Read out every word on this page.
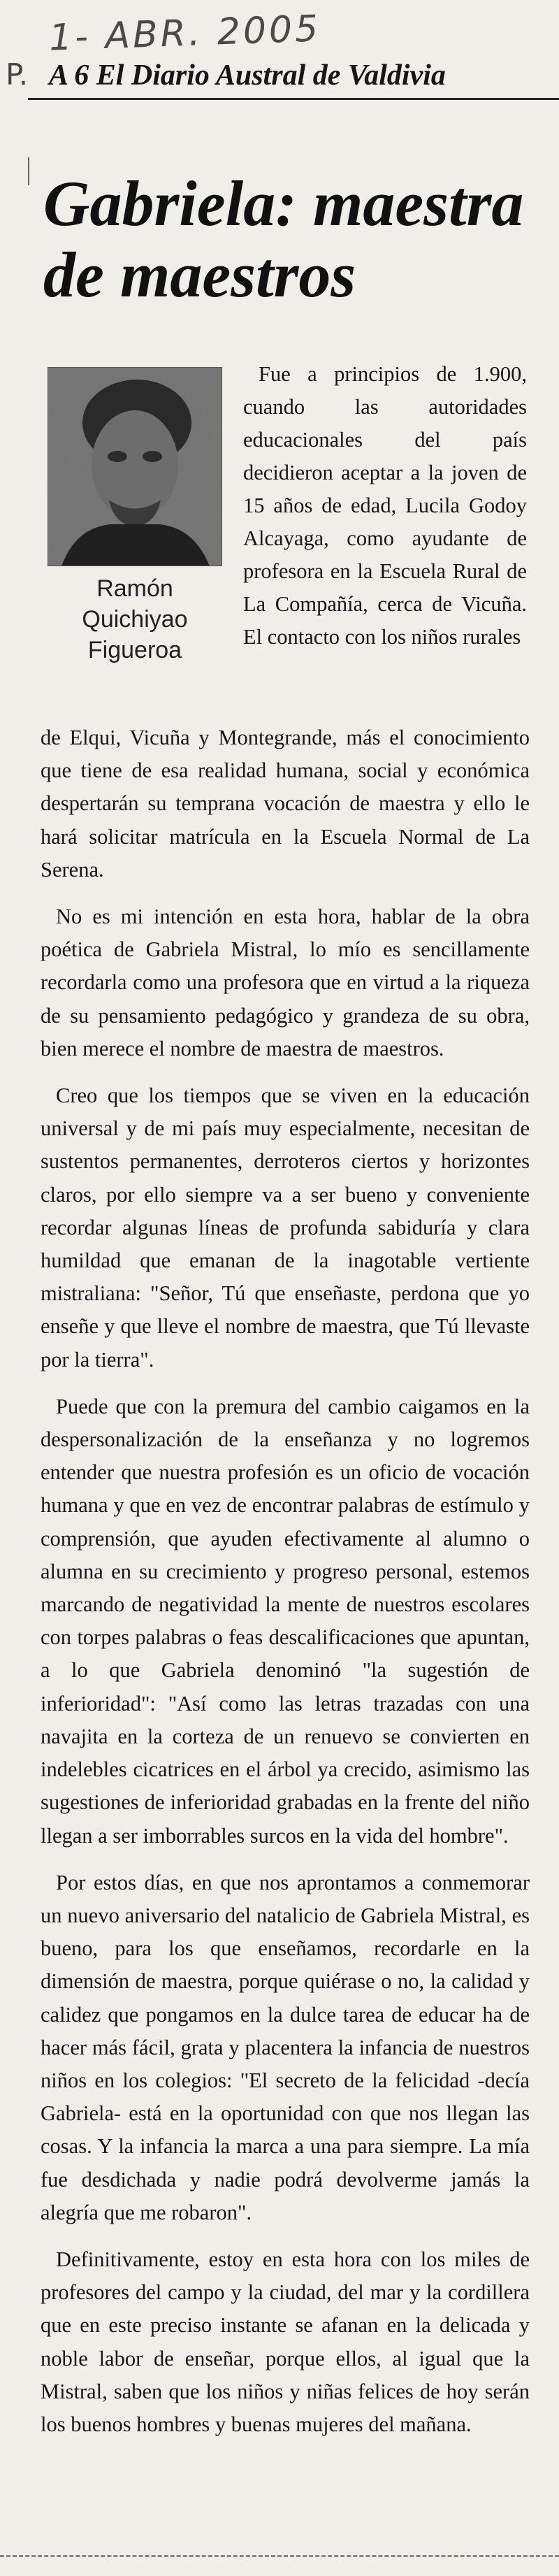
1- ABR. 2005
P. A 6 El Diario Austral de Valdivia
Gabriela: maestra de maestros
Ramón
Quichiyao
Figueroa

Fue a principios de 1.900, cuando las autoridades educacionales del país decidieron aceptar a la joven de 15 años de edad, Lucila Godoy Alcayaga, como ayudante de profesora en la Escuela Rural de La Compañía, cerca de Vicuña. El contacto con los niños rurales

de Elqui, Vicuña y Montegrande, más el conocimiento que tiene de esa realidad humana, social y económica despertarán su temprana vocación de maestra y ello le hará solicitar matrícula en la Escuela Normal de La Serena.

No es mi intención en esta hora, hablar de la obra poética de Gabriela Mistral, lo mío es sencillamente recordarla como una profesora que en virtud a la riqueza de su pensamiento pedagógico y grandeza de su obra, bien merece el nombre de maestra de maestros.

Creo que los tiempos que se viven en la educación universal y de mi país muy especialmente, necesitan de sustentos permanentes, derroteros ciertos y horizontes claros, por ello siempre va a ser bueno y conveniente recordar algunas líneas de profunda sabiduría y clara humildad que emanan de la inagotable vertiente mistraliana: "Señor, Tú que enseñaste, perdona que yo enseñe y que lleve el nombre de maestra, que Tú llevaste por la tierra".

Puede que con la premura del cambio caigamos en la despersonalización de la enseñanza y no logremos entender que nuestra profesión es un oficio de vocación humana y que en vez de encontrar palabras de estímulo y comprensión, que ayuden efectivamente al alumno o alumna en su crecimiento y progreso personal, estemos marcando de negatividad la mente de nuestros escolares con torpes palabras o feas descalificaciones que apuntan, a lo que Gabriela denominó "la sugestión de inferioridad": "Así como las letras trazadas con una navajita en la corteza de un renuevo se convierten en indelebles cicatrices en el árbol ya crecido, asimismo las sugestiones de inferioridad grabadas en la frente del niño llegan a ser imborrables surcos en la vida del hombre".

Por estos días, en que nos aprontamos a conmemorar un nuevo aniversario del natalicio de Gabriela Mistral, es bueno, para los que enseñamos, recordarle en la dimensión de maestra, porque quiérase o no, la calidad y calidez que pongamos en la dulce tarea de educar ha de hacer más fácil, grata y placentera la infancia de nuestros niños en los colegios: "El secreto de la felicidad -decía Gabriela- está en la oportunidad con que nos llegan las cosas. Y la infancia la marca a una para siempre. La mía fue desdichada y nadie podrá devolverme jamás la alegría que me robaron".

Definitivamente, estoy en esta hora con los miles de profesores del campo y la ciudad, del mar y la cordillera que en este preciso instante se afanan en la delicada y noble labor de enseñar, porque ellos, al igual que la Mistral, saben que los niños y niñas felices de hoy serán los buenos hombres y buenas mujeres del mañana.
